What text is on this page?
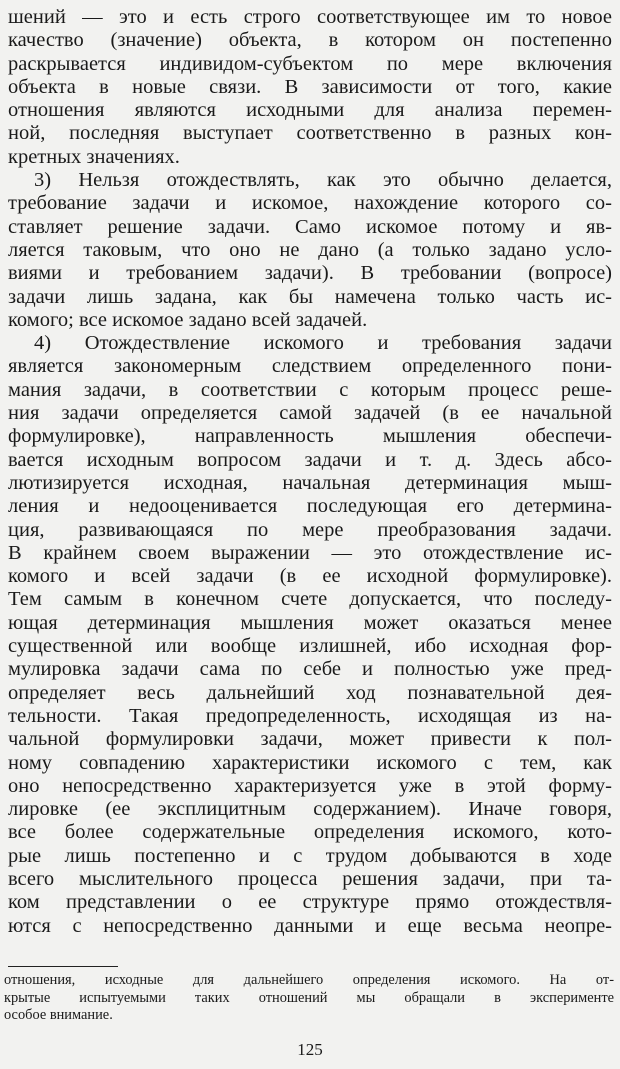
шений — это и есть строго соответствующее им то новое
качество (значение) объекта, в котором он постепенно
раскрывается индивидом-субъектом по мере включения
объекта в новые связи. В зависимости от того, какие
отношения являются исходными для анализа перемен-
ной, последняя выступает соответственно в разных кон-
кретных значениях.
3) Нельзя отождествлять, как это обычно делается,
требование задачи и искомое, нахождение которого со-
ставляет решение задачи. Само искомое потому и яв-
ляется таковым, что оно не дано (а только задано усло-
виями и требованием задачи). В требовании (вопросе)
задачи лишь задана, как бы намечена только часть ис-
комого; все искомое задано всей задачей.
4) Отождествление искомого и требования задачи
является закономерным следствием определенного пони-
мания задачи, в соответствии с которым процесс реше-
ния задачи определяется самой задачей (в ее начальной
формулировке), направленность мышления обеспечи-
вается исходным вопросом задачи и т. д. Здесь абсо-
лютизируется исходная, начальная детерминация мыш-
ления и недооценивается последующая его детермина-
ция, развивающаяся по мере преобразования задачи.
В крайнем своем выражении — это отождествление ис-
комого и всей задачи (в ее исходной формулировке).
Тем самым в конечном счете допускается, что последу-
ющая детерминация мышления может оказаться менее
существенной или вообще излишней, ибо исходная фор-
мулировка задачи сама по себе и полностью уже пред-
определяет весь дальнейший ход познавательной дея-
тельности. Такая предопределенность, исходящая из на-
чальной формулировки задачи, может привести к пол-
ному совпадению характеристики искомого с тем, как
оно непосредственно характеризуется уже в этой форму-
лировке (ее эксплицитным содержанием). Иначе говоря,
все более содержательные определения искомого, кото-
рые лишь постепенно и с трудом добываются в ходе
всего мыслительного процесса решения задачи, при та-
ком представлении о ее структуре прямо отождествля-
ются с непосредственно данными и еще весьма неопре-
отношения, исходные для дальнейшего определения искомого. На от-
крытые испытуемыми таких отношений мы обращали в эксперименте
особое внимание.
125
